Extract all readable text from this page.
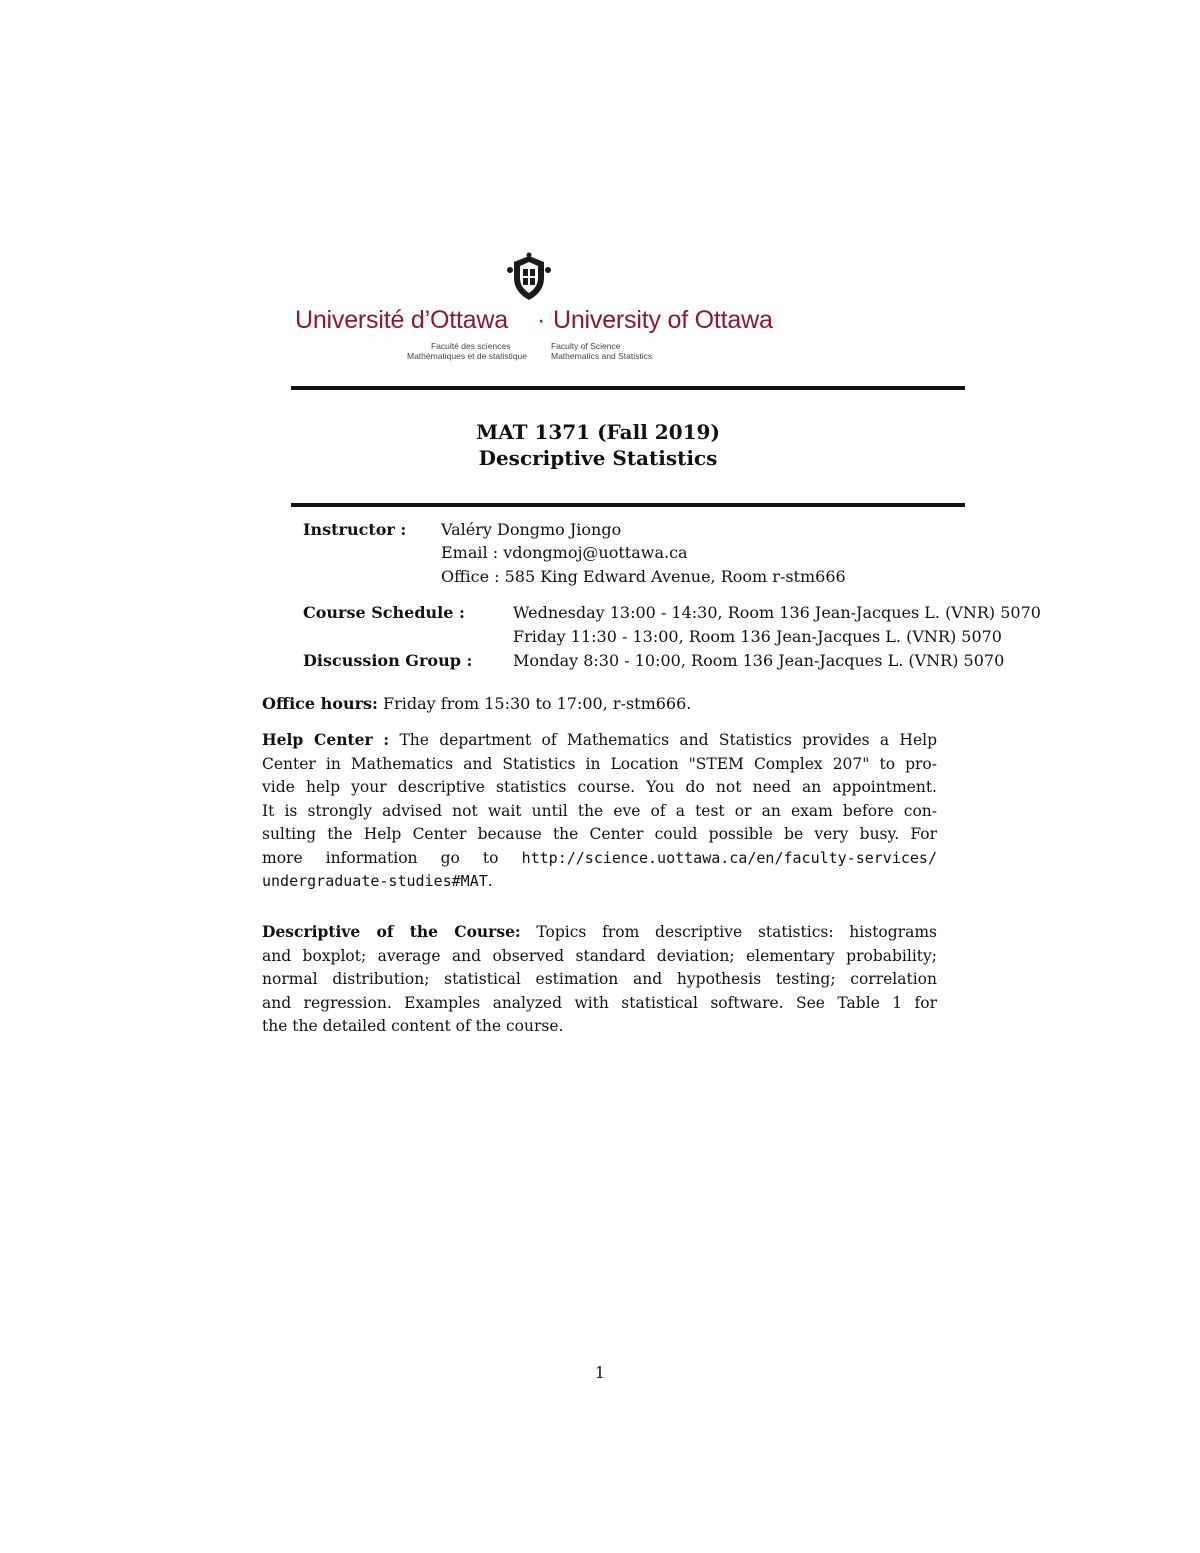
Université d’Ottawa · University of Ottawa
Faculté des sciences
Mathématiques et de statistique
Faculty of Science
Mathematics and Statistics
MAT 1371 (Fall 2019)
Descriptive Statistics
Instructor : Valéry Dongmo Jiongo
Email : vdongmoj@uottawa.ca
Office : 585 King Edward Avenue, Room r-stm666
Course Schedule :	Wednesday 13:00 - 14:30, Room 136 Jean-Jacques L. (VNR) 5070
Friday 11:30 - 13:00, Room 136 Jean-Jacques L. (VNR) 5070
Discussion Group :	Monday 8:30 - 10:00, Room 136 Jean-Jacques L. (VNR) 5070
Office hours: Friday from 15:30 to 17:00, r-stm666.
Help Center : The department of Mathematics and Statistics provides a Help
Center in Mathematics and Statistics in Location "STEM Complex 207" to pro-
vide help your descriptive statistics course. You do not need an appointment.
It is strongly advised not wait until the eve of a test or an exam before con-
sulting the Help Center because the Center could possible be very busy. For
more information go to http://science.uottawa.ca/en/faculty-services/
undergraduate-studies#MAT.
Descriptive of the Course: Topics from descriptive statistics: histograms
and boxplot; average and observed standard deviation; elementary probability;
normal distribution; statistical estimation and hypothesis testing; correlation
and regression. Examples analyzed with statistical software. See Table 1 for
the the detailed content of the course.
1
